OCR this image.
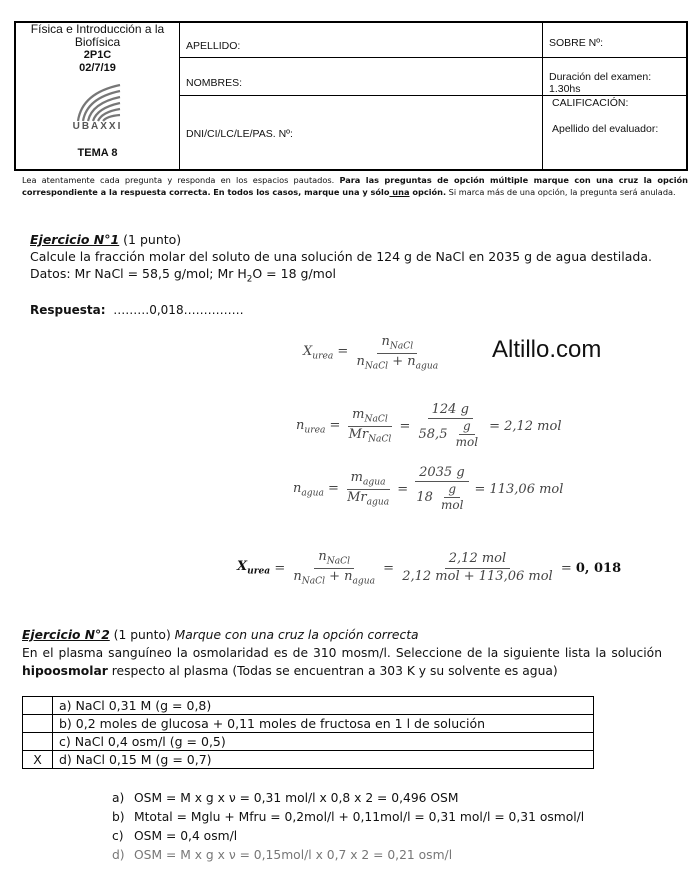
Física e Introducción a la
Biofísica
2P1C
02/7/19
UBAXXI
TEMA 8
APELLIDO:
NOMBRES:
DNI/CI/LC/LE/PAS. Nº:
SOBRE Nº:
Duración del examen:
1.30hs
CALIFICACIÓN:
Apellido del evaluador:
Lea atentamente cada pregunta y responda en los espacios pautados. Para las preguntas de opción múltiple marque con una cruz la opción correspondiente a la respuesta correcta. En todos los casos, marque una y sólo una opción. Si marca más de una opción, la pregunta será anulada.
Ejercicio N°1 (1 punto)
Calcule la fracción molar del soluto de una solución de 124 g de NaCl en 2035 g de agua destilada.
Datos: Mr NaCl = 58,5 g/mol; Mr $H_2O = 18$ g/mol
Respuesta: ………0,018……………
Altillo.com
$X_{urea} = \frac{n_{NaCl}}{n_{NaCl} + n_{agua}}$
$n_{urea} = \frac{m_{NaCl}}{Mr_{NaCl}} = 124$ g
58,5
$\frac{g}{\text{mol}} = 2,12$ mol
$n_{agua} = \frac{m_{agua}}{Mr_{agua}} = 2035$ g
18
$\frac{g}{\text{mol}} = 113,06$ mol
$X_{urea} = \frac{n_{NaCl}}{n_{NaCl} + n_{agua}} = \frac{\text{2,12 mol}}{\text{2,12 mol + 113,06 mol}} = 0$, 018
Ejercicio N°2 (1 punto) Marque con una cruz la opción correcta
En el plasma sanguíneo la osmolaridad es de 310 mosm/l. Seleccione de la siguiente lista la solución
hipoosmolar respecto al plasma (Todas se encuentran a 303 K y su solvente es agua)
	a) NaCl 0,31 M (g = 0,8)
	b) 0,2 moles de glucosa + 0,11 moles de fructosa en 1 l de solución
	c) NaCl 0,4 osm/l (g = 0,5)
X	d) NaCl 0,15 M (g = 0,7)
a) OSM = M x g x ν = 0,31 mol/l x 0,8 x 2 = 0,496 OSM
b) Mtotal = Mglu + Mfru = 0,2mol/l + 0,11mol/l = 0,31 mol/l = 0,31 osmol/l
c) OSM = 0,4 osm/l
d) OSM = M x g x ν = 0,15mol/l x 0,7 x 2 = 0,21 osm/l
